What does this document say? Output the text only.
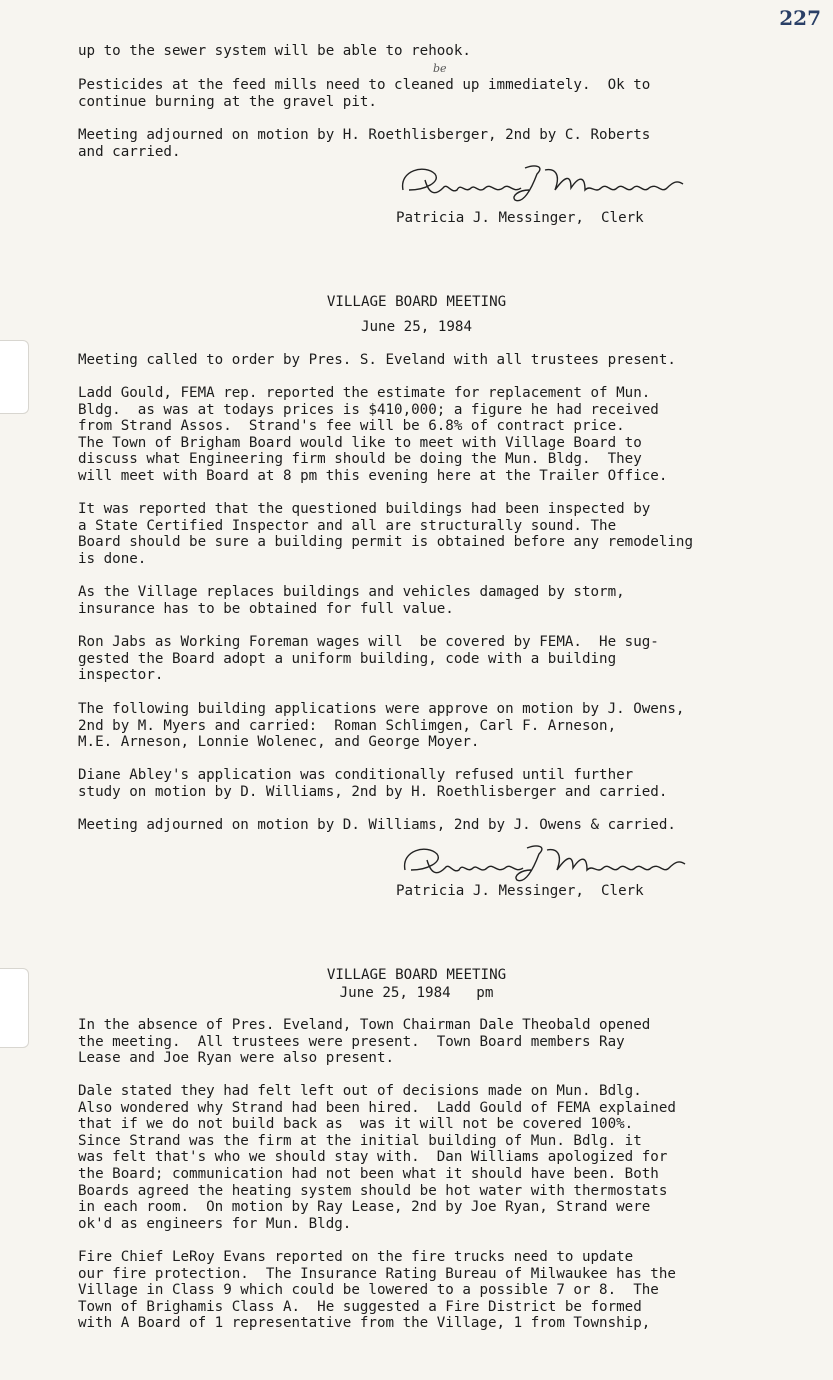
227

up to the sewer system will be able to rehook.

Pesticides at the feed mills need to cleaned up immediately.  Ok to
continue burning at the gravel pit.

be

Meeting adjourned on motion by H. Roethlisberger, 2nd by C. Roberts
and carried.

Patricia J. Messinger,  Clerk
VILLAGE BOARD MEETING
June 25, 1984

Meeting called to order by Pres. S. Eveland with all trustees present.

Ladd Gould, FEMA rep. reported the estimate for replacement of Mun.
Bldg.  as was at todays prices is $410,000; a figure he had received
from Strand Assos.  Strand's fee will be 6.8% of contract price.
The Town of Brigham Board would like to meet with Village Board to
discuss what Engineering firm should be doing the Mun. Bldg.  They
will meet with Board at 8 pm this evening here at the Trailer Office.

It was reported that the questioned buildings had been inspected by
a State Certified Inspector and all are structurally sound. The
Board should be sure a building permit is obtained before any remodeling
is done.

As the Village replaces buildings and vehicles damaged by storm,
insurance has to be obtained for full value.

Ron Jabs as Working Foreman wages will  be covered by FEMA.  He sug-
gested the Board adopt a uniform building, code with a building
inspector.

The following building applications were approve on motion by J. Owens,
2nd by M. Myers and carried:  Roman Schlimgen, Carl F. Arneson,
M.E. Arneson, Lonnie Wolenec, and George Moyer.

Diane Abley's application was conditionally refused until further
study on motion by D. Williams, 2nd by H. Roethlisberger and carried.

Meeting adjourned on motion by D. Williams, 2nd by J. Owens & carried.

Patricia J. Messinger,  Clerk
VILLAGE BOARD MEETING
June 25, 1984   pm

In the absence of Pres. Eveland, Town Chairman Dale Theobald opened
the meeting.  All trustees were present.  Town Board members Ray
Lease and Joe Ryan were also present.

Dale stated they had felt left out of decisions made on Mun. Bdlg.
Also wondered why Strand had been hired.  Ladd Gould of FEMA explained
that if we do not build back as  was it will not be covered 100%.
Since Strand was the firm at the initial building of Mun. Bdlg. it
was felt that's who we should stay with.  Dan Williams apologized for
the Board; communication had not been what it should have been. Both
Boards agreed the heating system should be hot water with thermostats
in each room.  On motion by Ray Lease, 2nd by Joe Ryan, Strand were
ok'd as engineers for Mun. Bldg.

Fire Chief LeRoy Evans reported on the fire trucks need to update
our fire protection.  The Insurance Rating Bureau of Milwaukee has the
Village in Class 9 which could be lowered to a possible 7 or 8.  The
Town of Brighamis Class A.  He suggested a Fire District be formed
with A Board of 1 representative from the Village, 1 from Township,
